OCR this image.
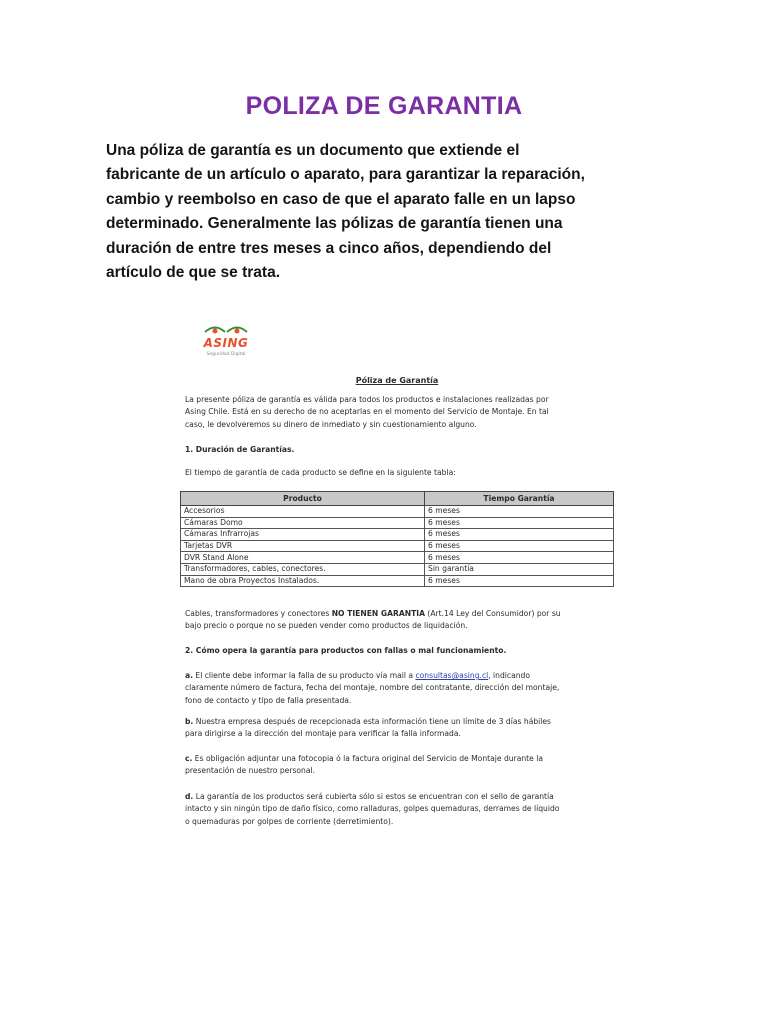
POLIZA DE GARANTIA
Una póliza de garantía es un documento que extiende el
fabricante de un artículo o aparato, para garantizar la reparación,
cambio y reembolso en caso de que el aparato falle en un lapso
determinado. Generalmente las pólizas de garantía tienen una
duración de entre tres meses a cinco años, dependiendo del
artículo de que se trata.
ASING
Seguridad Digital
Póliza de Garantía
La presente póliza de garantía es válida para todos los productos e instalaciones realizadas por
Asing Chile. Está en su derecho de no aceptarlas en el momento del Servicio de Montaje. En tal
caso, le devolveremos su dinero de inmediato y sin cuestionamiento alguno.
1. Duración de Garantías.
El tiempo de garantía de cada producto se define en la siguiente tabla:
Producto	Tiempo Garantía
Accesorios	6 meses
Cámaras Domo	6 meses
Cámaras Infrarrojas	6 meses
Tarjetas DVR	6 meses
DVR Stand Alone	6 meses
Transformadores, cables, conectores.	Sin garantía
Mano de obra Proyectos Instalados.	6 meses
Cables, transformadores y conectores NO TIENEN GARANTIA (Art.14 Ley del Consumidor) por su
bajo precio o porque no se pueden vender como productos de liquidación.
2. Cómo opera la garantía para productos con fallas o mal funcionamiento.
a. El cliente debe informar la falla de su producto vía mail a consultas@asing.cl, indicando
claramente número de factura, fecha del montaje, nombre del contratante, dirección del montaje,
fono de contacto y tipo de falla presentada.
b. Nuestra empresa después de recepcionada esta información tiene un límite de 3 días hábiles
para dirigirse a la dirección del montaje para verificar la falla informada.
c. Es obligación adjuntar una fotocopia ó la factura original del Servicio de Montaje durante la
presentación de nuestro personal.
d. La garantía de los productos será cubierta sólo si estos se encuentran con el sello de garantía
intacto y sin ningún tipo de daño físico, como ralladuras, golpes quemaduras, derrames de líquido
o quemaduras por golpes de corriente (derretimiento).
